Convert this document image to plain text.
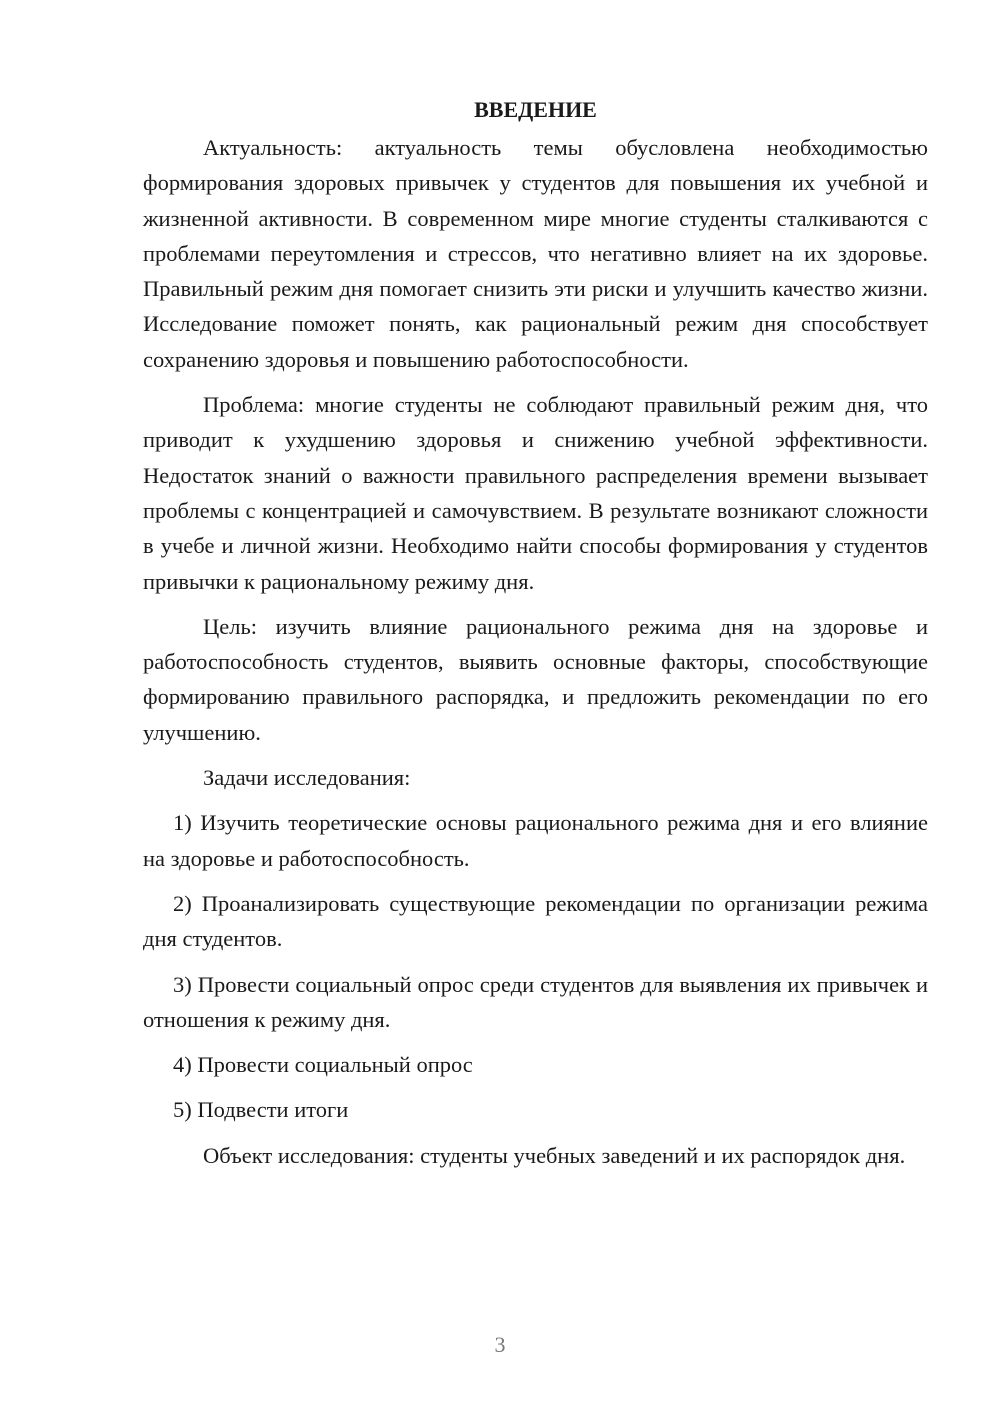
ВВЕДЕНИЕ

Актуальность: актуальность темы обусловлена необходимостью формирования здоровых привычек у студентов для повышения их учебной и жизненной активности. В современном мире многие студенты сталкиваются с проблемами переутомления и стрессов, что негативно влияет на их здоровье. Правильный режим дня помогает снизить эти риски и улучшить качество жизни. Исследование поможет понять, как рациональный режим дня способствует сохранению здоровья и повышению работоспособности.

Проблема: многие студенты не соблюдают правильный режим дня, что приводит к ухудшению здоровья и снижению учебной эффективности. Недостаток знаний о важности правильного распределения времени вызывает проблемы с концентрацией и самочувствием. В результате возникают сложности в учебе и личной жизни. Необходимо найти способы формирования у студентов привычки к рациональному режиму дня.

Цель: изучить влияние рационального режима дня на здоровье и работоспособность студентов, выявить основные факторы, способствующие формированию правильного распорядка, и предложить рекомендации по его улучшению.

Задачи исследования:

1) Изучить теоретические основы рационального режима дня и его влияние на здоровье и работоспособность.

2) Проанализировать существующие рекомендации по организации режима дня студентов.

3) Провести социальный опрос среди студентов для выявления их привычек и отношения к режиму дня.

4) Провести социальный опрос

5) Подвести итоги

Объект исследования: студенты учебных заведений и их распорядок дня.

3
